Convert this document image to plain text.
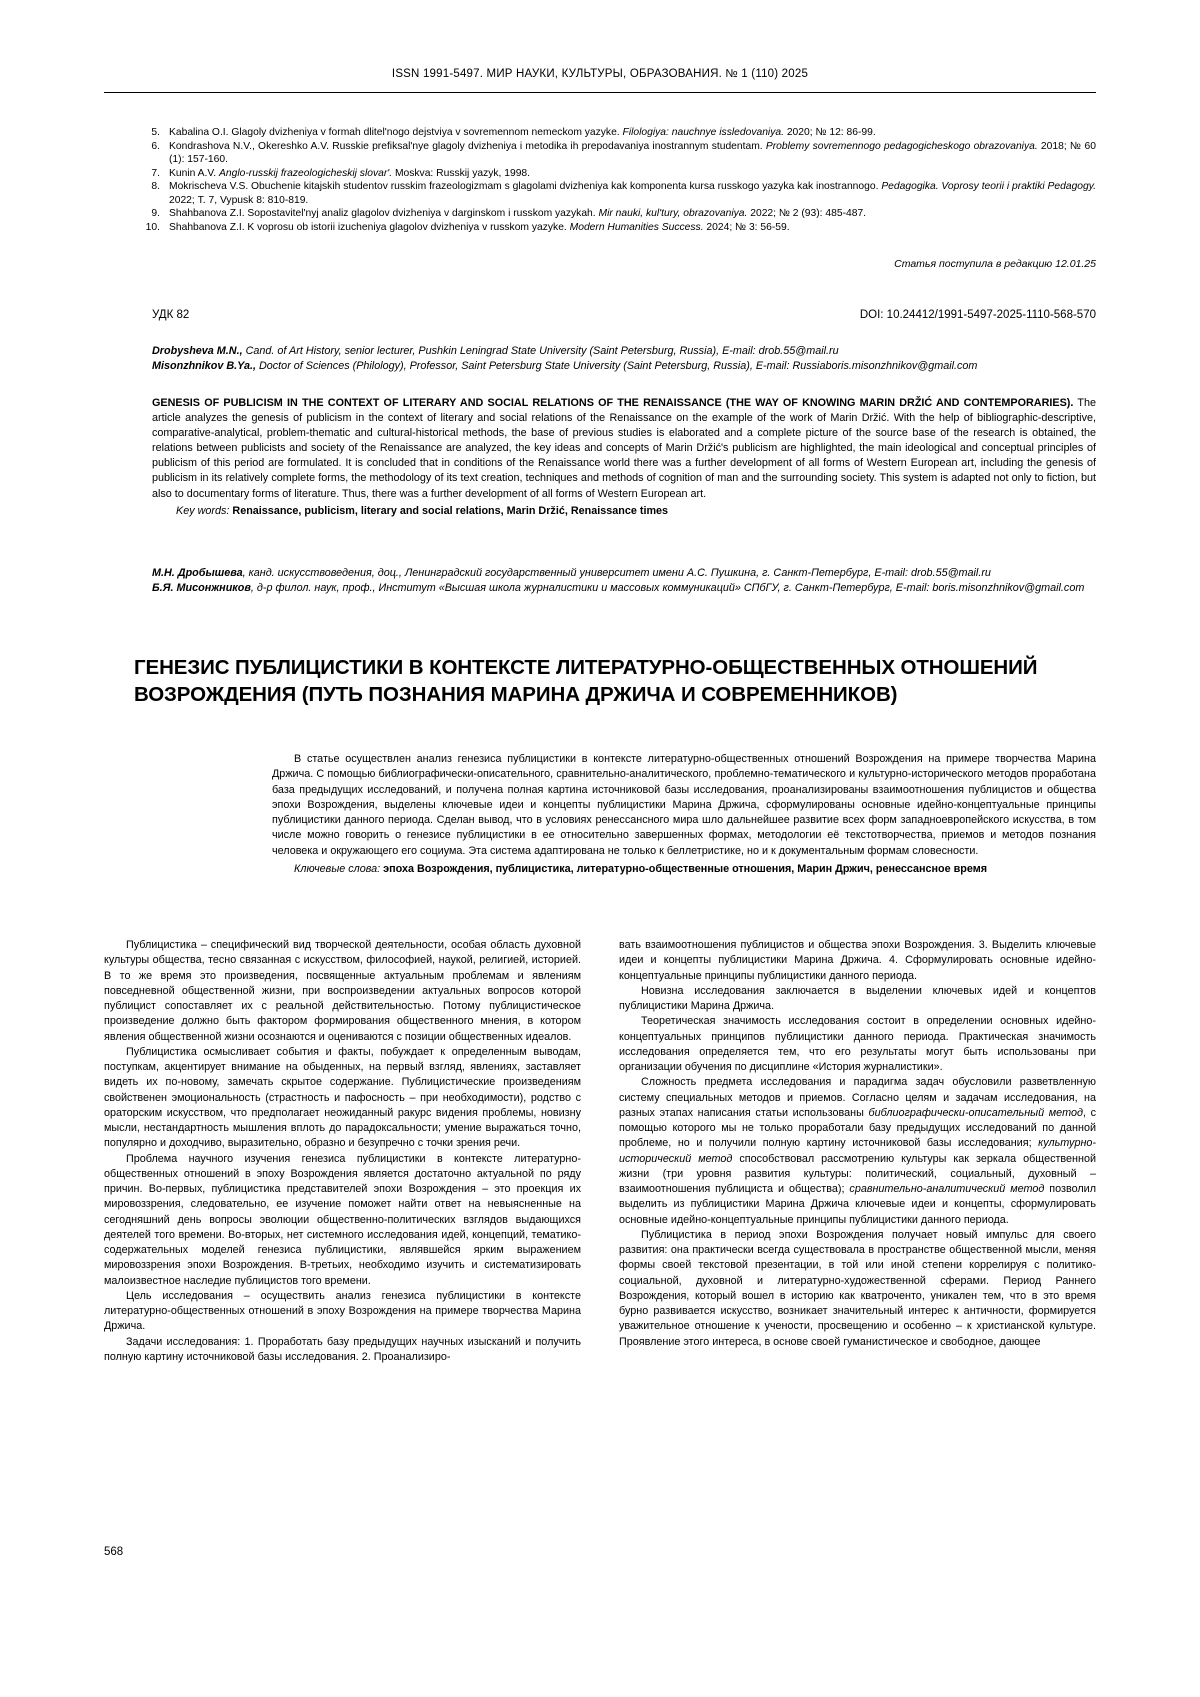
ISSN 1991-5497. МИР НАУКИ, КУЛЬТУРЫ, ОБРАЗОВАНИЯ. № 1 (110) 2025
5. Kabalina O.I. Glagoly dvizheniya v formah dlitel'nogo dejstviya v sovremennom nemeckom yazyke. Filologiya: nauchnye issledovaniya. 2020; № 12: 86-99.
6. Kondrashova N.V., Okereshko A.V. Russkie prefiksal'nye glagoly dvizheniya i metodika ih prepodavaniya inostrannym studentam. Problemy sovremennogo pedagogicheskogo obrazovaniya. 2018; № 60 (1): 157-160.
7. Kunin A.V. Anglo-russkij frazeologicheskij slovar'. Moskva: Russkij yazyk, 1998.
8. Mokrischeva V.S. Obuchenie kitajskih studentov russkim frazeologizmam s glagolami dvizheniya kak komponenta kursa russkogo yazyka kak inostrannogo. Pedagogika. Voprosy teorii i praktiki Pedagogy. 2022; Т. 7, Vypusk 8: 810-819.
9. Shahbanova Z.I. Sopostavitel'nyj analiz glagolov dvizheniya v darginskom i russkom yazykah. Mir nauki, kul'tury, obrazovaniya. 2022; № 2 (93): 485-487.
10. Shahbanova Z.I. K voprosu ob istorii izucheniya glagolov dvizheniya v russkom yazyke. Modern Humanities Success. 2024; № 3: 56-59.
Статья поступила в редакцию 12.01.25
УДК 82	DOI: 10.24412/1991-5497-2025-1110-568-570
Drobysheva M.N., Cand. of Art History, senior lecturer, Pushkin Leningrad State University (Saint Petersburg, Russia), E-mail: drob.55@mail.ru
Misonzhnikov B.Ya., Doctor of Sciences (Philology), Professor, Saint Petersburg State University (Saint Petersburg, Russia), E-mail: Russiaboris.misonzhnikov@gmail.com
GENESIS OF PUBLICISM IN THE CONTEXT OF LITERARY AND SOCIAL RELATIONS OF THE RENAISSANCE (THE WAY OF KNOWING MARIN DRŽIĆ AND CONTEMPORARIES). The article analyzes the genesis of publicism in the context of literary and social relations of the Renaissance on the example of the work of Marin Držić. With the help of bibliographic-descriptive, comparative-analytical, problem-thematic and cultural-historical methods, the base of previous studies is elaborated and a complete picture of the source base of the research is obtained, the relations between publicists and society of the Renaissance are analyzed, the key ideas and concepts of Marin Držić's publicism are highlighted, the main ideological and conceptual principles of publicism of this period are formulated. It is concluded that in conditions of the Renaissance world there was a further development of all forms of Western European art, including the genesis of publicism in its relatively complete forms, the methodology of its text creation, techniques and methods of cognition of man and the surrounding society. This system is adapted not only to fiction, but also to documentary forms of literature. Thus, there was a further development of all forms of Western European art.
Key words: Renaissance, publicism, literary and social relations, Marin Držić, Renaissance times
М.Н. Дробышева, канд. искусствоведения, доц., Ленинградский государственный университет имени А.С. Пушкина, г. Санкт-Петербург, E-mail: drob.55@mail.ru
Б.Я. Мисонжников, д-р филол. наук, проф., Институт «Высшая школа журналистики и массовых коммуникаций» СПбГУ, г. Санкт-Петербург, E-mail: boris.misonzhnikov@gmail.com
ГЕНЕЗИС ПУБЛИЦИСТИКИ В КОНТЕКСТЕ ЛИТЕРАТУРНО-ОБЩЕСТВЕННЫХ ОТНОШЕНИЙ ВОЗРОЖДЕНИЯ (ПУТЬ ПОЗНАНИЯ МАРИНА ДРЖИЧА И СОВРЕМЕННИКОВ)

В статье осуществлен анализ генезиса публицистики в контексте литературно-общественных отношений Возрождения на примере творчества Марина Држича. С помощью библиографически-описательного, сравнительно-аналитического, проблемно-тематического и культурно-исторического методов проработана база предыдущих исследований, и получена полная картина источниковой базы исследования, проанализированы взаимоотношения публицистов и общества эпохи Возрождения, выделены ключевые идеи и концепты публицистики Марина Држича, сформулированы основные идейно-концептуальные принципы публицистики данного периода. Сделан вывод, что в условиях ренессансного мира шло дальнейшее развитие всех форм западноевропейского искусства, в том числе можно говорить о генезисе публицистики в ее относительно завершенных формах, методологии её текстотворчества, приемов и методов познания человека и окружающего его социума. Эта система адаптирована не только к беллетристике, но и к документальным формам словесности.

Ключевые слова: эпоха Возрождения, публицистика, литературно-общественные отношения, Марин Држич, ренессансное время

Публицистика – специфический вид творческой деятельности, особая область духовной культуры общества, тесно связанная с искусством, философией, наукой, религией, историей. В то же время это произведения, посвященные актуальным проблемам и явлениям повседневной общественной жизни, при воспроизведении актуальных вопросов которой публицист сопоставляет их с реальной действительностью. Потому публицистическое произведение должно быть фактором формирования общественного мнения, в котором явления общественной жизни осознаются и оцениваются с позиции общественных идеалов.

Публицистика осмысливает события и факты, побуждает к определенным выводам, поступкам, акцентирует внимание на обыденных, на первый взгляд, явлениях, заставляет видеть их по-новому, замечать скрытое содержание. Публицистические произведениям свойственен эмоциональность (страстность и пафосность – при необходимости), родство с ораторским искусством, что предполагает неожиданный ракурс видения проблемы, новизну мысли, нестандартность мышления вплоть до парадоксальности; умение выражаться точно, популярно и доходчиво, выразительно, образно и безупречно с точки зрения речи.

Проблема научного изучения генезиса публицистики в контексте литературно-общественных отношений в эпоху Возрождения является достаточно актуальной по ряду причин. Во-первых, публицистика представителей эпохи Возрождения – это проекция их мировоззрения, следовательно, ее изучение поможет найти ответ на невыясненные на сегодняшний день вопросы эволюции общественно-политических взглядов выдающихся деятелей того времени. Во-вторых, нет системного исследования идей, концепций, тематико-содержательных моделей генезиса публицистики, являвшейся ярким выражением мировоззрения эпохи Возрождения. В-третьих, необходимо изучить и систематизировать малоизвестное наследие публицистов того времени.

Цель исследования – осуществить анализ генезиса публицистики в контексте литературно-общественных отношений в эпоху Возрождения на примере творчества Марина Држича.

Задачи исследования: 1. Проработать базу предыдущих научных изысканий и получить полную картину источниковой базы исследования. 2. Проанализиро-

вать взаимоотношения публицистов и общества эпохи Возрождения. 3. Выделить ключевые идеи и концепты публицистики Марина Држича. 4. Сформулировать основные идейно-концептуальные принципы публицистики данного периода.

Новизна исследования заключается в выделении ключевых идей и концептов публицистики Марина Држича.

Теоретическая значимость исследования состоит в определении основных идейно-концептуальных принципов публицистики данного периода. Практическая значимость исследования определяется тем, что его результаты могут быть использованы при организации обучения по дисциплине «История журналистики».

Сложность предмета исследования и парадигма задач обусловили разветвленную систему специальных методов и приемов. Согласно целям и задачам исследования, на разных этапах написания статьи использованы библиографически-описательный метод, с помощью которого мы не только проработали базу предыдущих исследований по данной проблеме, но и получили полную картину источниковой базы исследования; культурно-исторический метод способствовал рассмотрению культуры как зеркала общественной жизни (три уровня развития культуры: политический, социальный, духовный – взаимоотношения публициста и общества); сравнительно-аналитический метод позволил выделить из публицистики Марина Држича ключевые идеи и концепты, сформулировать основные идейно-концептуальные принципы публицистики данного периода.

Публицистика в период эпохи Возрождения получает новый импульс для своего развития: она практически всегда существовала в пространстве общественной мысли, меняя формы своей текстовой презентации, в той или иной степени коррелируя с политико-социальной, духовной и литературно-художественной сферами. Период Раннего Возрождения, который вошел в историю как кватроченто, уникален тем, что в это время бурно развивается искусство, возникает значительный интерес к античности, формируется уважительное отношение к учености, просвещению и особенно – к христианской культуре. Проявление этого интереса, в основе своей гуманистическое и свободное, дающее

568
